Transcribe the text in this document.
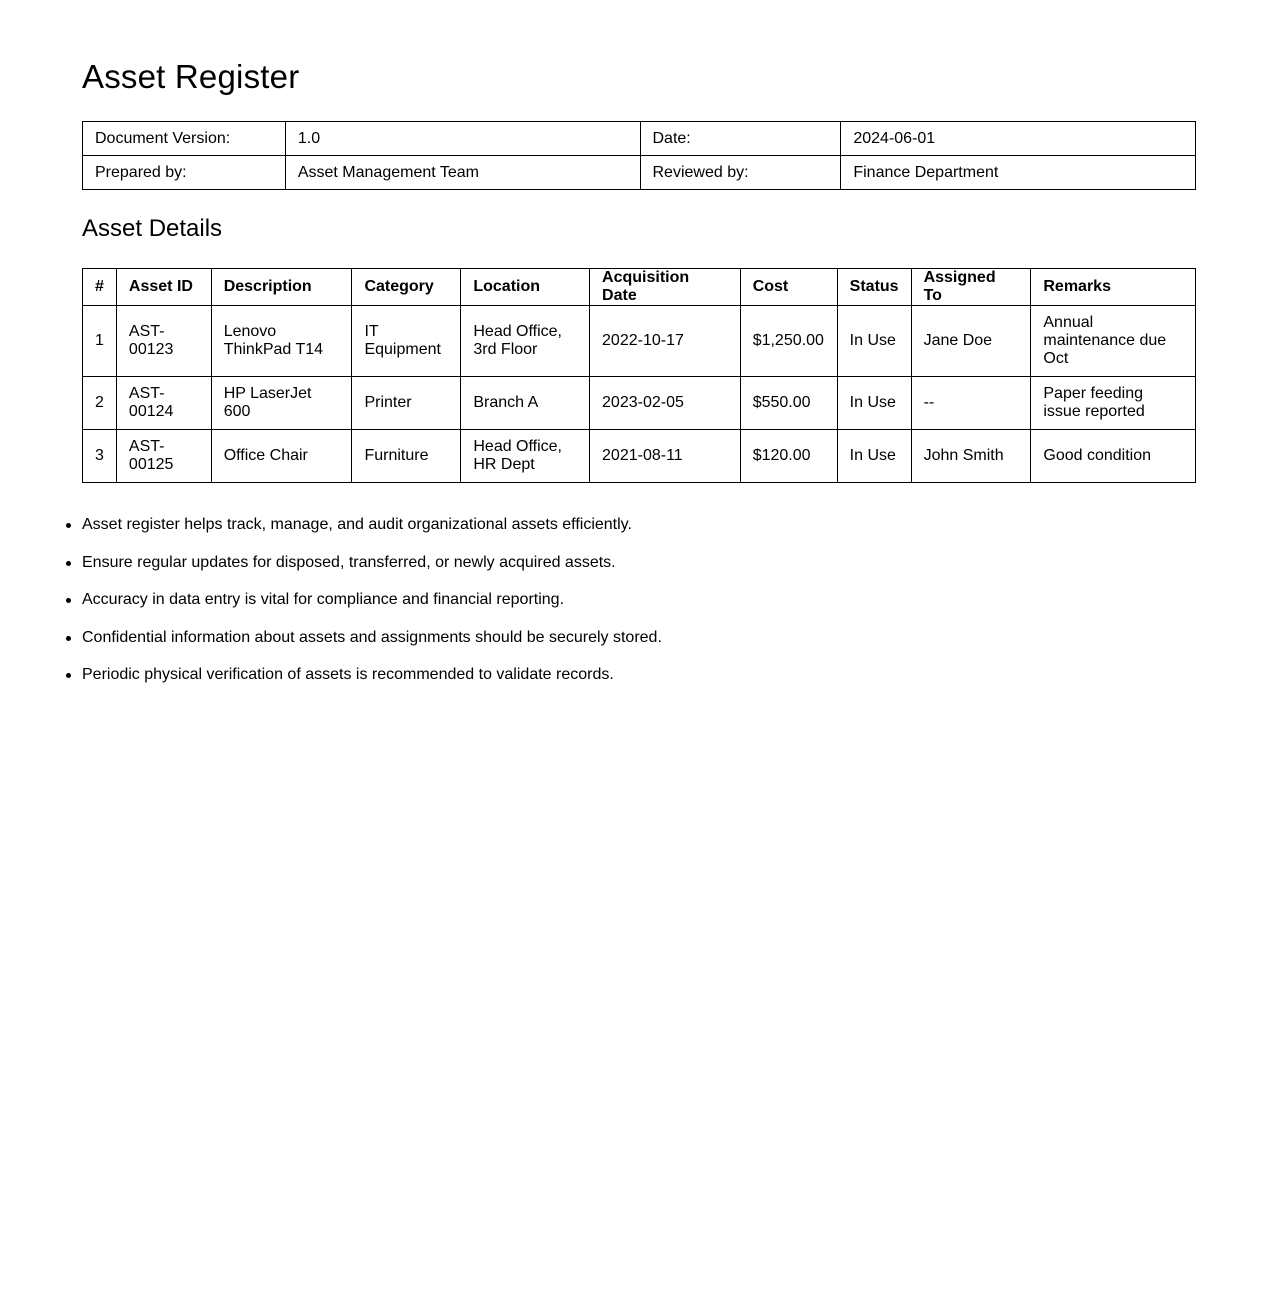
Asset Register
Document Version:	1.0	Date:	2024-06-01
Prepared by:	Asset Management Team	Reviewed by:	Finance Department
Asset Details
#	Asset ID	Description	Category	Location	Acquisition Date	Cost	Status	Assigned To	Remarks
1	AST-00123	Lenovo ThinkPad T14	IT Equipment	Head Office, 3rd Floor	2022-10-17	$1,250.00	In Use	Jane Doe	Annual maintenance due Oct
2	AST-00124	HP LaserJet 600	Printer	Branch A	2023-02-05	$550.00	In Use	--	Paper feeding issue reported
3	AST-00125	Office Chair	Furniture	Head Office, HR Dept	2021-08-11	$120.00	In Use	John Smith	Good condition
Asset register helps track, manage, and audit organizational assets efficiently.
Ensure regular updates for disposed, transferred, or newly acquired assets.
Accuracy in data entry is vital for compliance and financial reporting.
Confidential information about assets and assignments should be securely stored.
Periodic physical verification of assets is recommended to validate records.
